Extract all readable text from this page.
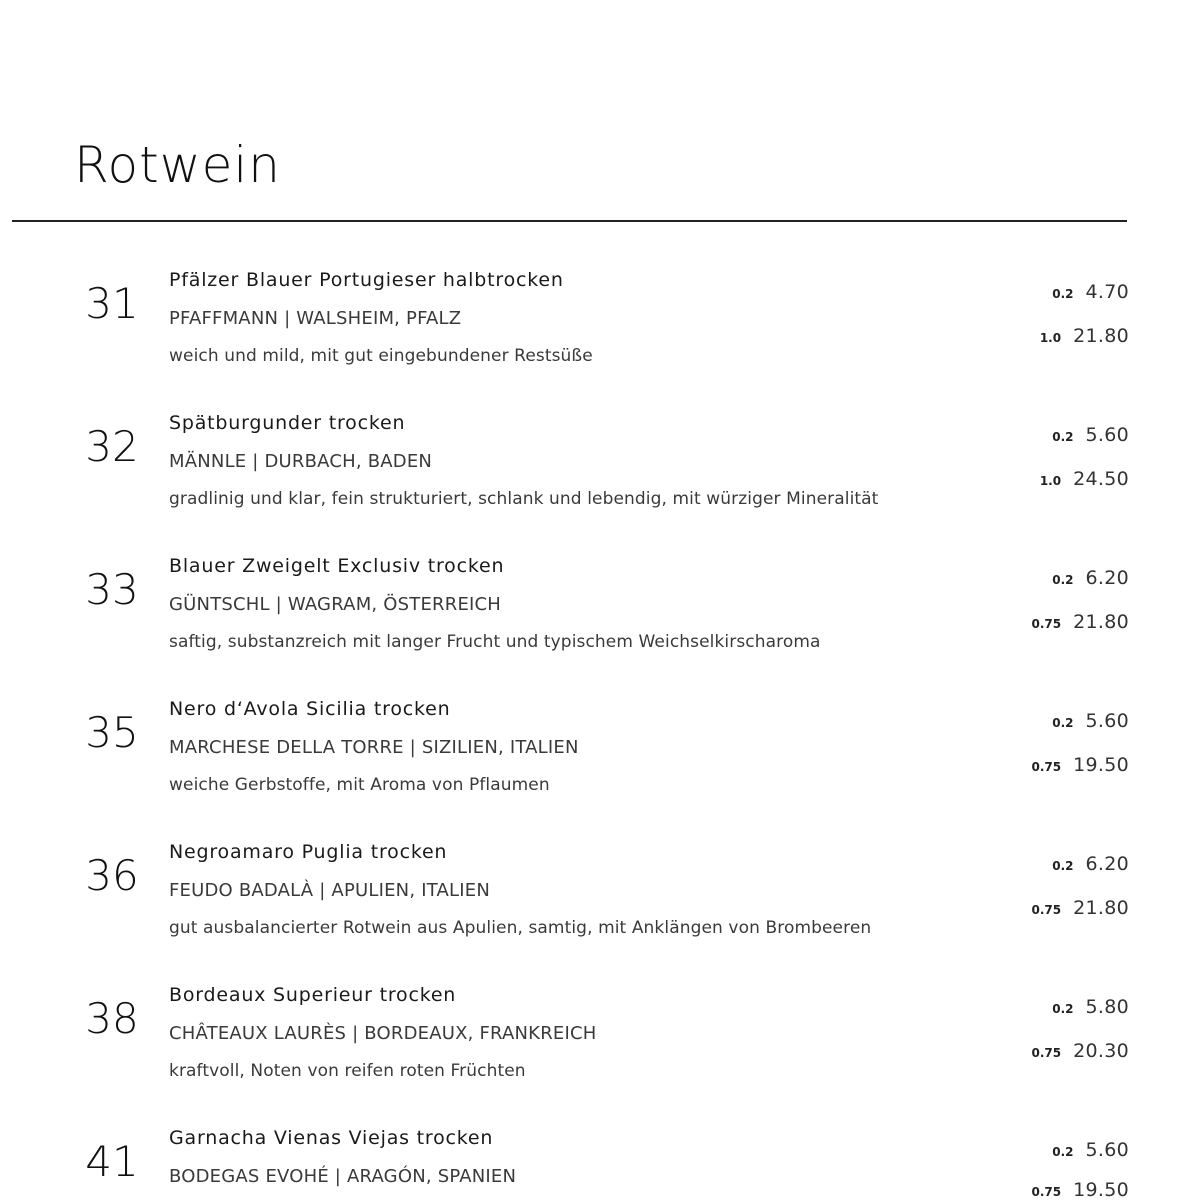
Rotwein
31	Pfälzer Blauer Portugieser halbtrocken
PFAFFMANN | WALSHEIM, PFALZ
weich und mild, mit gut eingebundener Restsüße
0.2 4.70
1.0 21.80
32	Spätburgunder trocken
MÄNNLE | DURBACH, BADEN
gradlinig und klar, fein strukturiert, schlank und lebendig, mit würziger Mineralität
0.2 5.60
1.0 24.50
33	Blauer Zweigelt Exclusiv trocken
GÜNTSCHL | WAGRAM, ÖSTERREICH
saftig, substanzreich mit langer Frucht und typischem Weichselkirscharoma
0.2 6.20
0.75 21.80
35	Nero d‘Avola Sicilia trocken
MARCHESE DELLA TORRE | SIZILIEN, ITALIEN
weiche Gerbstoffe, mit Aroma von Pflaumen
0.2 5.60
0.75 19.50
36	Negroamaro Puglia trocken
FEUDO BADALÀ | APULIEN, ITALIEN
gut ausbalancierter Rotwein aus Apulien, samtig, mit Anklängen von Brombeeren
0.2 6.20
0.75 21.80
38	Bordeaux Superieur trocken
CHÂTEAUX LAURÈS | BORDEAUX, FRANKREICH
kraftvoll, Noten von reifen roten Früchten
0.2 5.80
0.75 20.30
41	Garnacha Vienas Viejas trocken
BODEGAS EVOHÉ | ARAGÓN, SPANIEN
0.2 5.60
0.75 19.50
